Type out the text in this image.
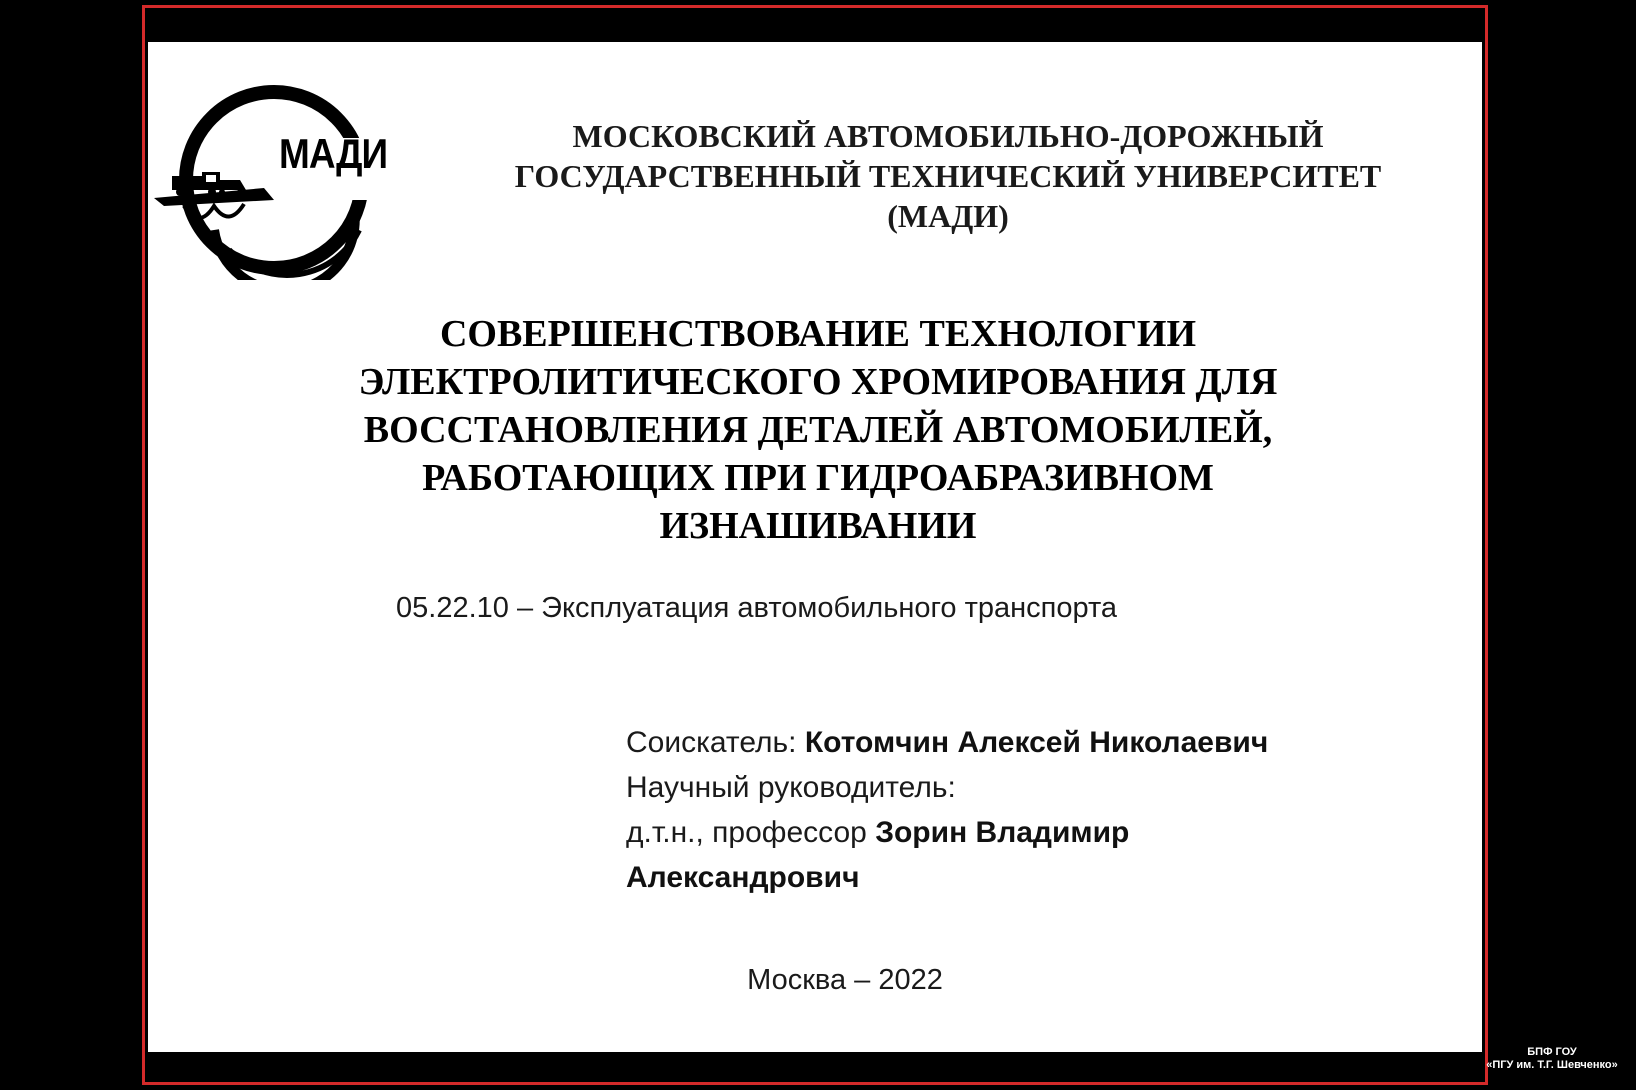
МАДИ	МОСКОВСКИЙ АВТОМОБИЛЬНО-ДОРОЖНЫЙ
ГОСУДАРСТВЕННЫЙ ТЕХНИЧЕСКИЙ УНИВЕРСИТЕТ
(МАДИ)
СОВЕРШЕНСТВОВАНИЕ ТЕХНОЛОГИИ
ЭЛЕКТРОЛИТИЧЕСКОГО ХРОМИРОВАНИЯ ДЛЯ
ВОССТАНОВЛЕНИЯ ДЕТАЛЕЙ АВТОМОБИЛЕЙ,
РАБОТАЮЩИХ ПРИ ГИДРОАБРАЗИВНОМ
ИЗНАШИВАНИИ
05.22.10 – Эксплуатация автомобильного транспорта
Соискатель: Котомчин Алексей Николаевич
Научный руководитель:
д.т.н., профессор Зорин Владимир
Александрович
Москва – 2022
БПФ ГОУ
«ПГУ им. Т.Г. Шевченко»
